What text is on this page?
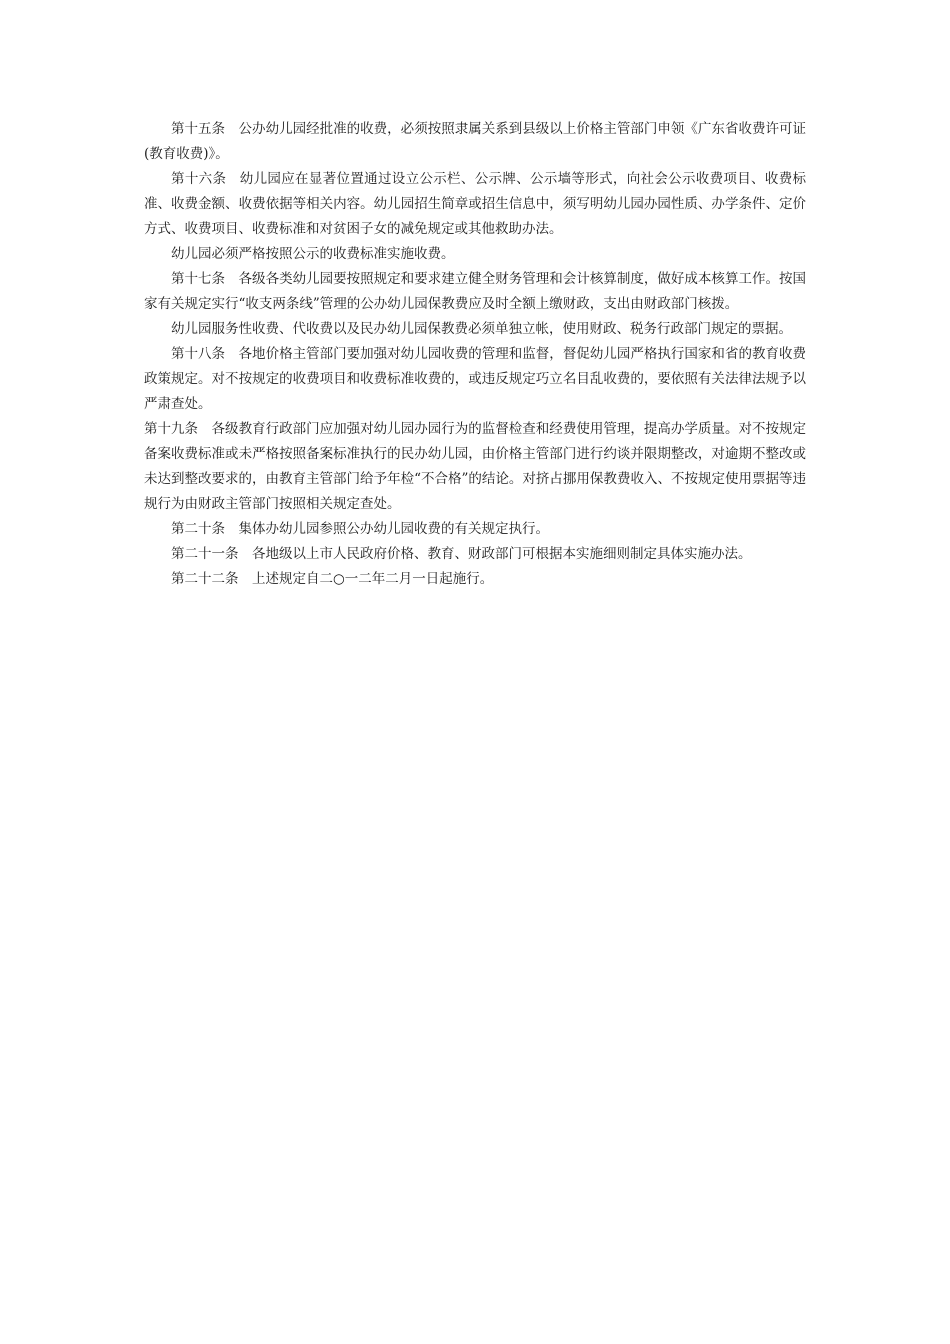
第十五条 公办幼儿园经批准的收费，必须按照隶属关系到县级以上价格主管部门申领《广东省收费许可证(教育收费)》。

第十六条 幼儿园应在显著位置通过设立公示栏、公示牌、公示墙等形式，向社会公示收费项目、收费标准、收费金额、收费依据等相关内容。幼儿园招生简章或招生信息中，须写明幼儿园办园性质、办学条件、定价方式、收费项目、收费标准和对贫困子女的减免规定或其他救助办法。

幼儿园必须严格按照公示的收费标准实施收费。

第十七条 各级各类幼儿园要按照规定和要求建立健全财务管理和会计核算制度，做好成本核算工作。按国家有关规定实行“收支两条线”管理的公办幼儿园保教费应及时全额上缴财政，支出由财政部门核拨。

幼儿园服务性收费、代收费以及民办幼儿园保教费必须单独立帐，使用财政、税务行政部门规定的票据。

第十八条 各地价格主管部门要加强对幼儿园收费的管理和监督，督促幼儿园严格执行国家和省的教育收费政策规定。对不按规定的收费项目和收费标准收费的，或违反规定巧立名目乱收费的，要依照有关法律法规予以严肃查处。

第十九条 各级教育行政部门应加强对幼儿园办园行为的监督检查和经费使用管理，提高办学质量。对不按规定备案收费标准或未严格按照备案标准执行的民办幼儿园，由价格主管部门进行约谈并限期整改，对逾期不整改或未达到整改要求的，由教育主管部门给予年检“不合格”的结论。对挤占挪用保教费收入、不按规定使用票据等违规行为由财政主管部门按照相关规定查处。

第二十条 集体办幼儿园参照公办幼儿园收费的有关规定执行。

第二十一条 各地级以上市人民政府价格、教育、财政部门可根据本实施细则制定具体实施办法。

第二十二条 上述规定自二○一二年二月一日起施行。
